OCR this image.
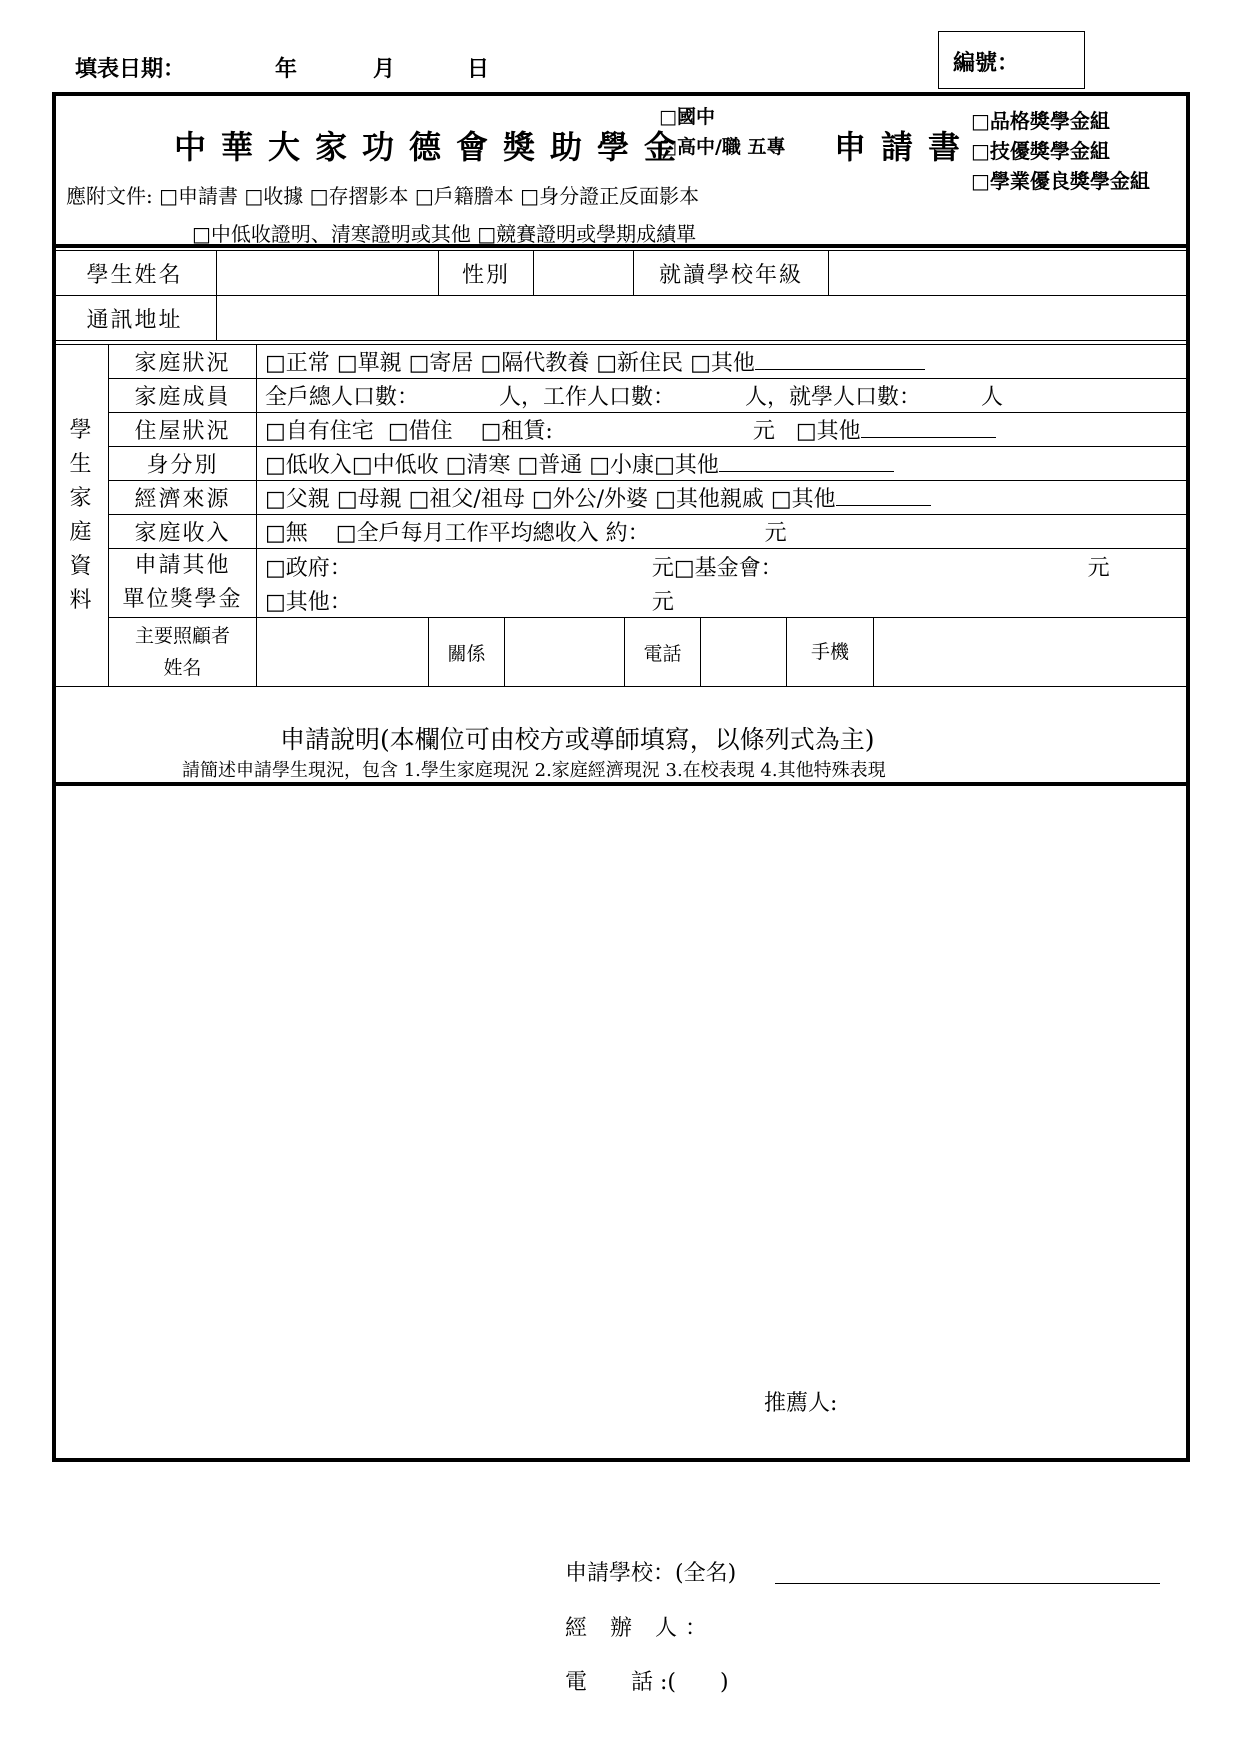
填表日期：	年	月	日	編號：
中華大家功德會獎助學金
□ 國中
□ 高中/職 五專 申請書
□ 品格獎學金組
□ 技優獎學金組
□ 學業優良獎學金組
應附文件: □ 申請書 □ 收據 □ 存摺影本 □ 戶籍謄本 □ 身分證正反面影本
□ 中低收證明、清寒證明或其他 □ 競賽證明或學期成績單
學生姓名		性別		就讀學校年級	
通訊地址					
學生家庭資料	家庭狀況	□ 正常 □ 單親 □ 寄居 □ 隔代教養 □ 新住民 □ 其他
	家庭成員	全戶總人口數： 人，工作人口數： 人，就學人口數： 人					
	住屋狀況	□ 自有住宅 □ 借住 □ 租賃: 元 □ 其他
	身分別	□ 低收入 □ 中低收 □ 清寒 □ 普通 □ 小康 □ 其他
	經濟來源	□ 父親 □ 母親 □ 祖父/祖母 □ 外公/外婆 □ 其他親戚 □ 其他
	家庭收入	□ 無 □ 全戶每月工作平均總收入 約： 元

	申請其他
單位獎學金	□ 政府： 元 □ 基金會： 元
		□ 其他： 元

	主要照顧者
姓名		關係		電話		手機
申請說明(本欄位可由校方或導師填寫，以條列式為主)
請簡述申請學生現況，包含 1.學生家庭現況 2.家庭經濟現況 3.在校表現 4.其他特殊表現
推薦人:
申請學校：(全名)
經 辦 人：
電　　話 :(　　)
